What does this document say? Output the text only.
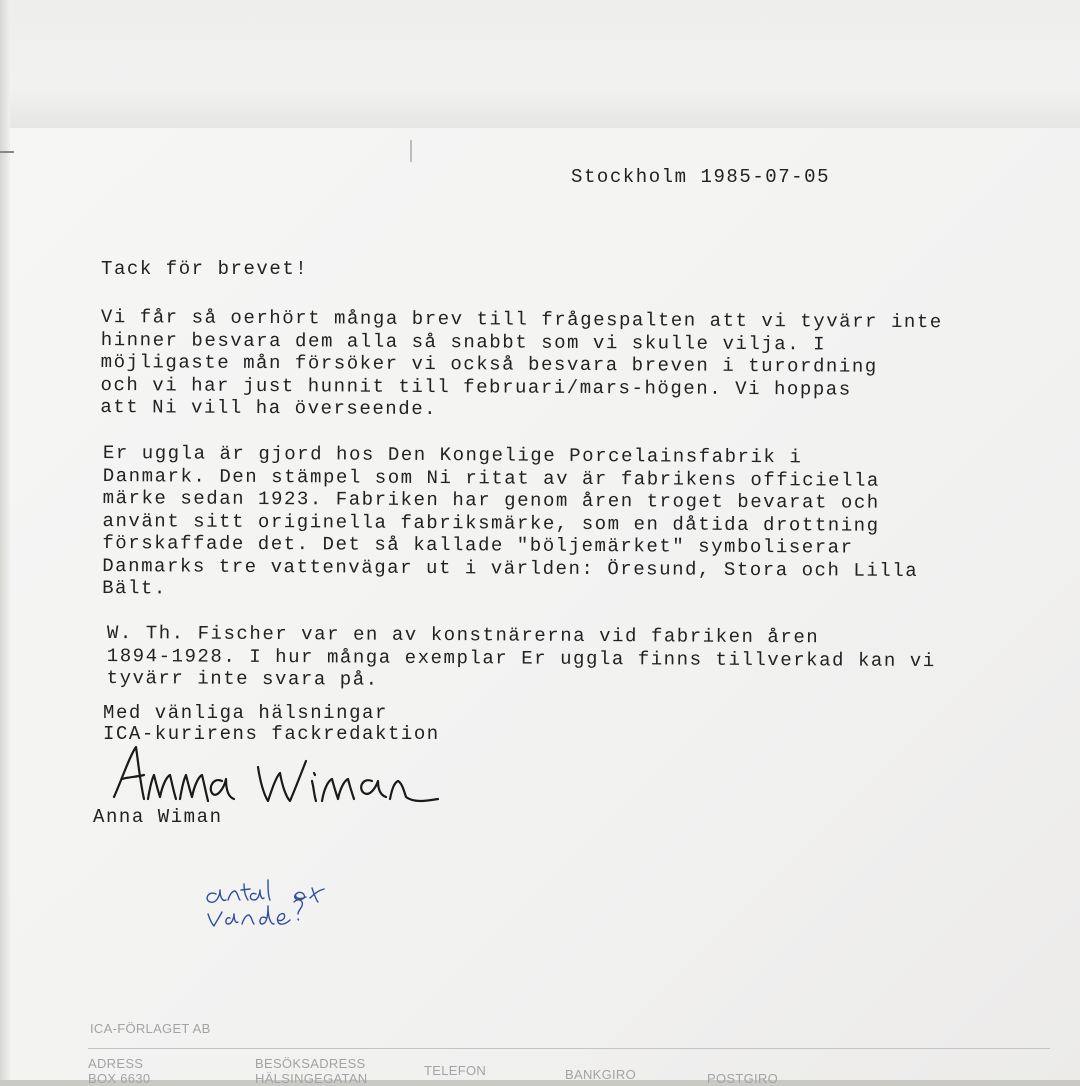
Stockholm 1985-07-05
Tack för brevet!
Vi får så oerhört många brev till frågespalten att vi tyvärr inte
hinner besvara dem alla så snabbt som vi skulle vilja. I
möjligaste mån försöker vi också besvara breven i turordning
och vi har just hunnit till februari/mars-högen. Vi hoppas
att Ni vill ha överseende.
Er uggla är gjord hos Den Kongelige Porcelainsfabrik i
Danmark. Den stämpel som Ni ritat av är fabrikens officiella
märke sedan 1923. Fabriken har genom åren troget bevarat och
använt sitt originella fabriksmärke, som en dåtida drottning
förskaffade det. Det så kallade "böljemärket" symboliserar
Danmarks tre vattenvägar ut i världen: Öresund, Stora och Lilla
Bält.
W. Th. Fischer var en av konstnärerna vid fabriken åren
1894-1928. I hur många exemplar Er uggla finns tillverkad kan vi
tyvärr inte svara på.
Med vänliga hälsningar
ICA-kurirens fackredaktion
Anna Wiman
ICA-FÖRLAGET AB
ADRESS
BOX 6630
BESÖKSADRESS
HÄLSINGEGATAN
TELEFON	BANKGIRO	POSTGIRO
